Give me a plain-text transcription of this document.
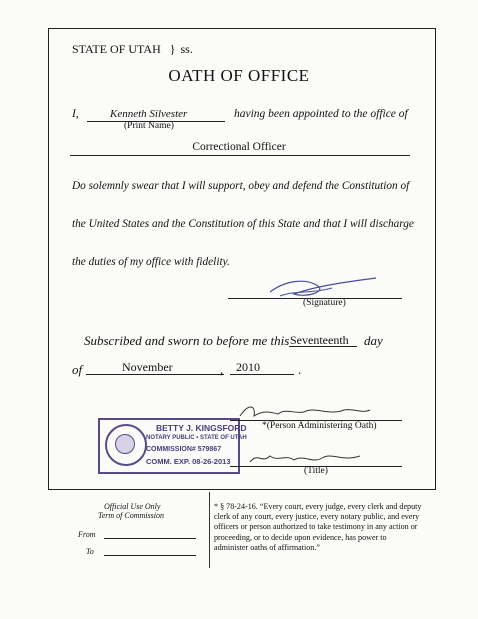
STATE OF UTAH } ss.
OATH OF OFFICE
I,	Kenneth Silvester
(Print Name)
having been appointed to the office of
Correctional Officer
Do solemnly swear that I will support, obey and defend the Constitution of
the United States and the Constitution of this State and that I will discharge
the duties of my office with fidelity.
(Signature)
Subscribed and sworn to before me this Seventeenth day
of	November	, 2010	.
BETTY J. KINGSFORD
NOTARY PUBLIC • STATE OF UTAH
COMMISSION# 579867
COMM. EXP. 08-26-2013
*(Person Administering Oath)
(Title)
Official Use Only
Term of Commission
From
To
* § 78-24-16. “Every court, every judge, every clerk and deputy clerk of any court, every justice, every notary public, and every officers or person authorized to take testimony in any action or proceeding, or to decide upon evidence, has power to administer oaths of affirmation.”
